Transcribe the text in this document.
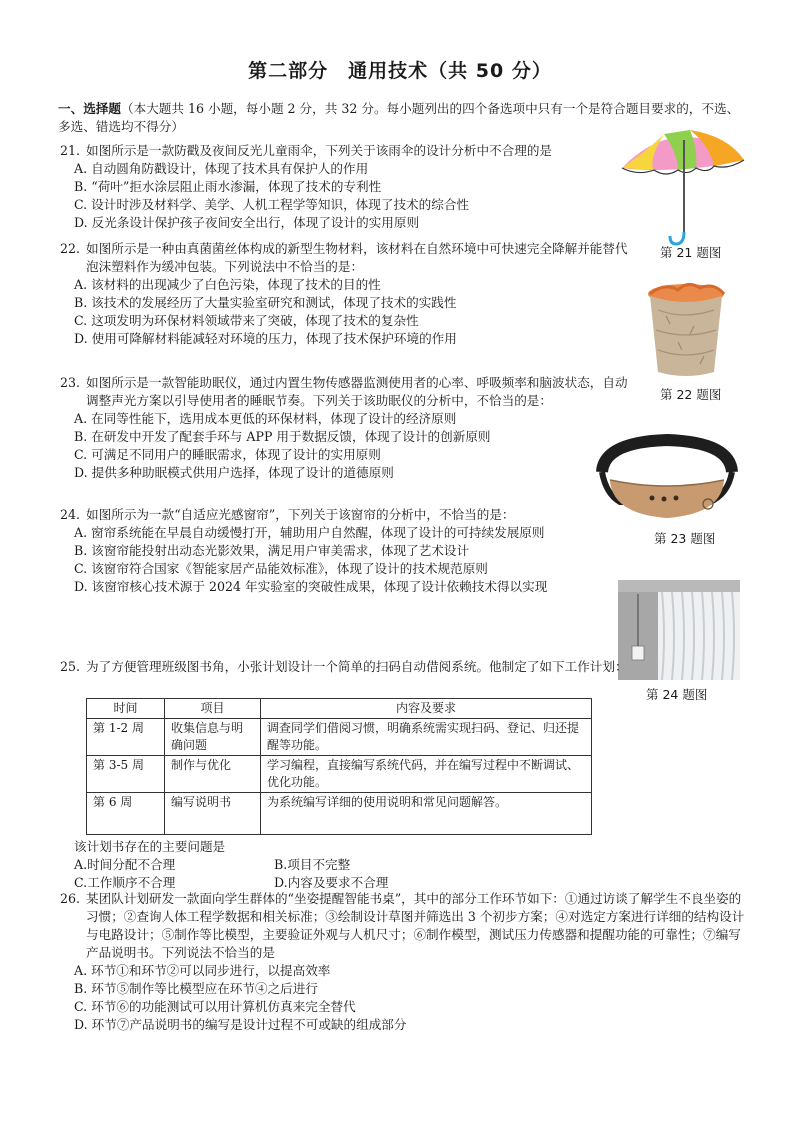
第二部分　通用技术（共 50 分）
一、选择题（本大题共 16 小题，每小题 2 分，共 32 分。每小题列出的四个备选项中只有一个是符合题目要求的，不选、多选、错选均不得分）
21. 如图所示是一款防戳及夜间反光儿童雨伞，下列关于该雨伞的设计分析中不合理的是
A. 自动圆角防戳设计，体现了技术具有保护人的作用
B. “荷叶”拒水涂层阻止雨水渗漏，体现了技术的专利性
C. 设计时涉及材料学、美学、人机工程学等知识，体现了技术的综合性
D. 反光条设计保护孩子夜间安全出行，体现了设计的实用原则
第 21 题图
22. 如图所示是一种由真菌菌丝体构成的新型生物材料，该材料在自然环境中可快速完全降解并能替代泡沫塑料作为缓冲包装。下列说法中不恰当的是：
A. 该材料的出现减少了白色污染，体现了技术的目的性
B. 该技术的发展经历了大量实验室研究和测试，体现了技术的实践性
C. 这项发明为环保材料领域带来了突破，体现了技术的复杂性
D. 使用可降解材料能减轻对环境的压力，体现了技术保护环境的作用
第 22 题图
23. 如图所示是一款智能助眠仪，通过内置生物传感器监测使用者的心率、呼吸频率和脑波状态，自动调整声光方案以引导使用者的睡眠节奏。下列关于该助眠仪的分析中，不恰当的是：
A. 在同等性能下，选用成本更低的环保材料，体现了设计的经济原则
B. 在研发中开发了配套手环与 APP 用于数据反馈，体现了设计的创新原则
C. 可满足不同用户的睡眠需求，体现了设计的实用原则
D. 提供多种助眠模式供用户选择，体现了设计的道德原则
第 23 题图
24. 如图所示为一款“自适应光感窗帘”，下列关于该窗帘的分析中，不恰当的是：
A. 窗帘系统能在早晨自动缓慢打开，辅助用户自然醒，体现了设计的可持续发展原则
B. 该窗帘能投射出动态光影效果，满足用户审美需求，体现了艺术设计
C. 该窗帘符合国家《智能家居产品能效标准》，体现了设计的技术规范原则
D. 该窗帘核心技术源于 2024 年实验室的突破性成果，体现了设计依赖技术得以实现
第 24 题图
25. 为了方便管理班级图书角，小张计划设计一个简单的扫码自动借阅系统。他制定了如下工作计划：
时间	项目	内容及要求
第 1-2 周	收集信息与明确问题	调查同学们借阅习惯，明确系统需实现扫码、登记、归还提醒等功能。
第 3-5 周	制作与优化	学习编程，直接编写系统代码，并在编写过程中不断调试、优化功能。
第 6 周	编写说明书	为系统编写详细的使用说明和常见问题解答。
该计划书存在的主要问题是
A.时间分配不合理	B.项目不完整
C.工作顺序不合理	D.内容及要求不合理
26. 某团队计划研发一款面向学生群体的“坐姿提醒智能书桌”，其中的部分工作环节如下：①通过访谈了解学生不良坐姿的习惯；②查询人体工程学数据和相关标准；③绘制设计草图并筛选出 3 个初步方案；④对选定方案进行详细的结构设计与电路设计；⑤制作等比模型，主要验证外观与人机尺寸；⑥制作模型，测试压力传感器和提醒功能的可靠性；⑦编写产品说明书。下列说法不恰当的是
A. 环节①和环节②可以同步进行，以提高效率
B. 环节⑤制作等比模型应在环节④之后进行
C. 环节⑥的功能测试可以用计算机仿真来完全替代
D. 环节⑦产品说明书的编写是设计过程不可或缺的组成部分
